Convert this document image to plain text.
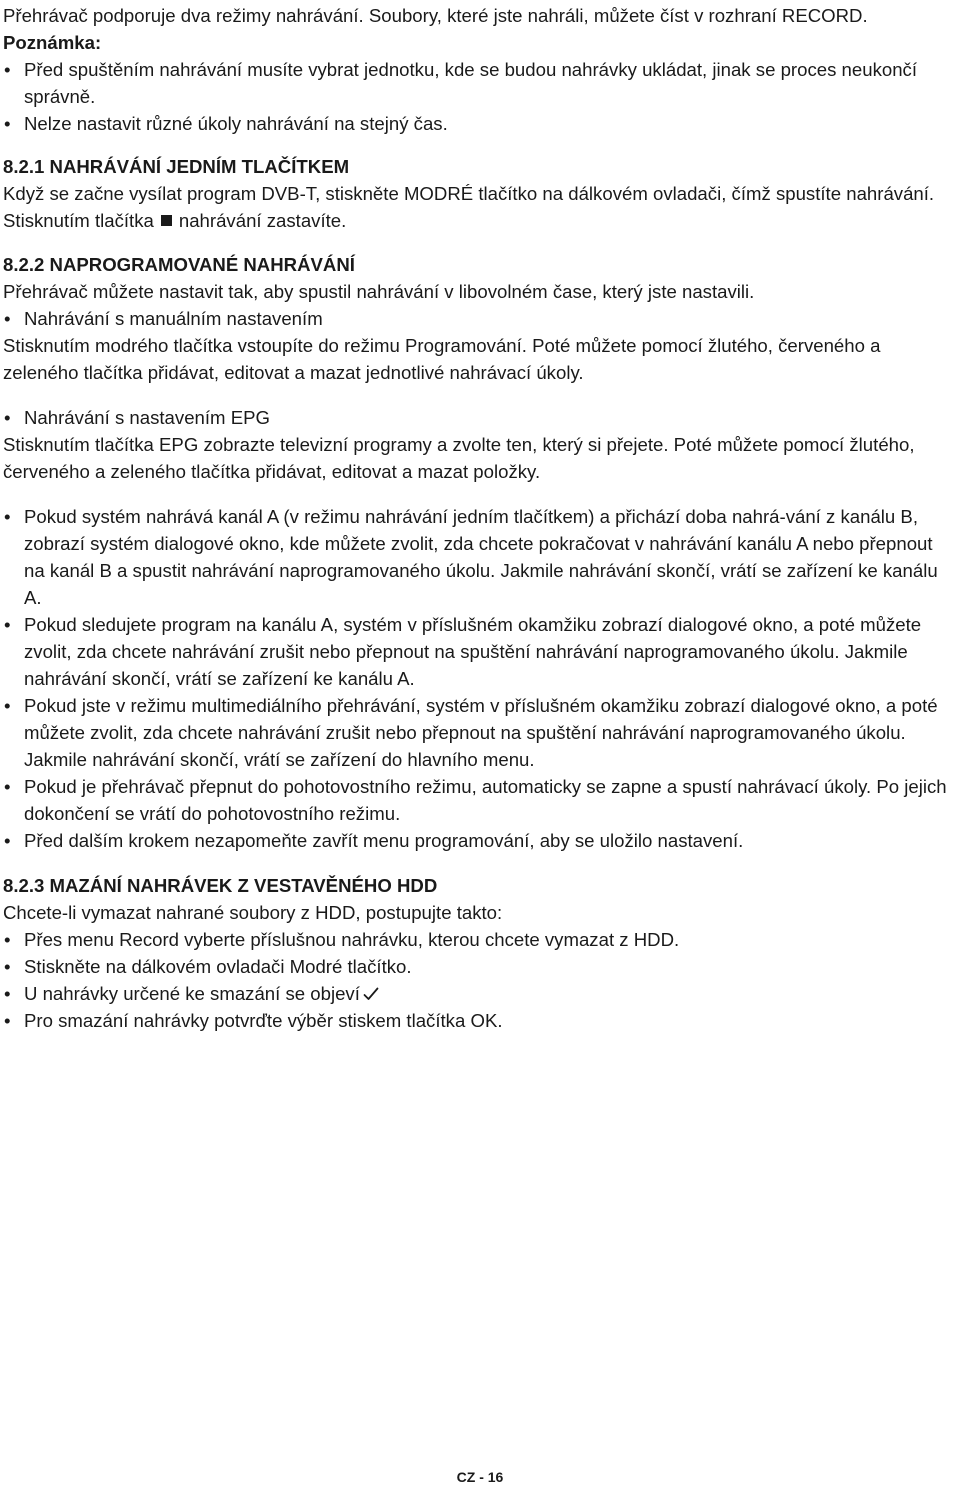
Přehrávač podporuje dva režimy nahrávání. Soubory, které jste nahráli, můžete číst v rozhraní RECORD.

Poznámka:

• Před spuštěním nahrávání musíte vybrat jednotku, kde se budou nahrávky ukládat, jinak se proces neukončí správně.
• Nelze nastavit různé úkoly nahrávání na stejný čas.

8.2.1 NAHRÁVÁNÍ JEDNÍM TLAČÍTKEM

Když se začne vysílat program DVB-T, stiskněte MODRÉ tlačítko na dálkovém ovladači, čímž spustíte nahrávání. Stisknutím tlačítka nahrávání zastavíte.

8.2.2 NAPROGRAMOVANÉ NAHRÁVÁNÍ

Přehrávač můžete nastavit tak, aby spustil nahrávání v libovolném čase, který jste nastavili.

• Nahrávání s manuálním nastavením

Stisknutím modrého tlačítka vstoupíte do režimu Programování. Poté můžete pomocí žlutého, červeného a zeleného tlačítka přidávat, editovat a mazat jednotlivé nahrávací úkoly.

• Nahrávání s nastavením EPG

Stisknutím tlačítka EPG zobrazte televizní programy a zvolte ten, který si přejete. Poté můžete pomocí žlutého, červeného a zeleného tlačítka přidávat, editovat a mazat položky.

• Pokud systém nahrává kanál A (v režimu nahrávání jedním tlačítkem) a přichází doba nahrá-vání z kanálu B, zobrazí systém dialogové okno, kde můžete zvolit, zda chcete pokračovat v nahrávání kanálu A nebo přepnout na kanál B a spustit nahrávání naprogramovaného úkolu. Jakmile nahrávání skončí, vrátí se zařízení ke kanálu A.
• Pokud sledujete program na kanálu A, systém v příslušném okamžiku zobrazí dialogové okno, a poté můžete zvolit, zda chcete nahrávání zrušit nebo přepnout na spuštění nahrávání naprogramovaného úkolu. Jakmile nahrávání skončí, vrátí se zařízení ke kanálu A.
• Pokud jste v režimu multimediálního přehrávání, systém v příslušném okamžiku zobrazí dialogové okno, a poté můžete zvolit, zda chcete nahrávání zrušit nebo přepnout na spuštění nahrávání naprogramovaného úkolu. Jakmile nahrávání skončí, vrátí se zařízení do hlavního menu.
• Pokud je přehrávač přepnut do pohotovostního režimu, automaticky se zapne a spustí nahrávací úkoly. Po jejich dokončení se vrátí do pohotovostního režimu.
• Před dalším krokem nezapomeňte zavřít menu programování, aby se uložilo nastavení.

8.2.3 MAZÁNÍ NAHRÁVEK Z VESTAVĚNÉHO HDD

Chcete-li vymazat nahrané soubory z HDD, postupujte takto:

• Přes menu Record vyberte příslušnou nahrávku, kterou chcete vymazat z HDD.
• Stiskněte na dálkovém ovladači Modré tlačítko.
• U nahrávky určené ke smazání se objeví
• Pro smazání nahrávky potvrďte výběr stiskem tlačítka OK.
CZ - 16
